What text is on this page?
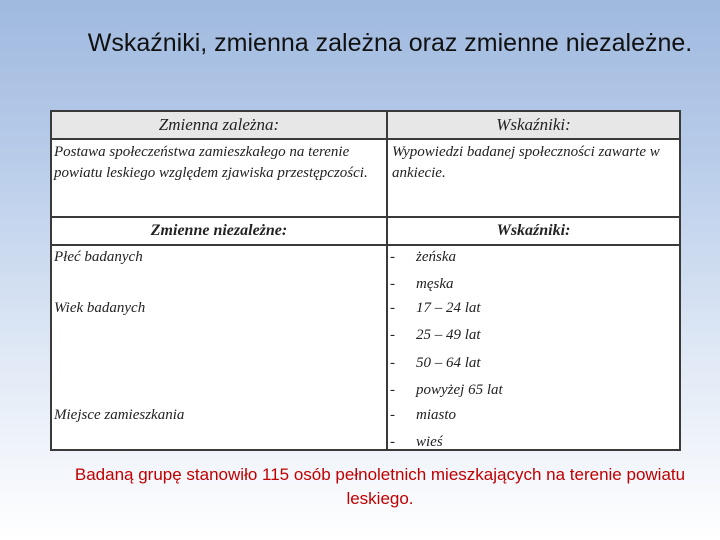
Wskaźniki, zmienna zależna oraz zmienne niezależne.
Zmienna zależna:	Wskaźniki:
Postawa społeczeństwa zamieszkałego na terenie powiatu leskiego względem zjawiska przestępczości.
Wypowiedzi badanej społeczności zawarte w ankiecie.
Zmienne niezależne:	Wskaźniki:
Płeć badanych
Wiek badanych
Miejsce zamieszkania
- żeńska
- męska
- 17 – 24 lat
- 25 – 49 lat
- 50 – 64 lat
- powyżej 65 lat
- miasto
- wieś
Badaną grupę stanowiło 115 osób pełnoletnich mieszkających na terenie powiatu leskiego.
